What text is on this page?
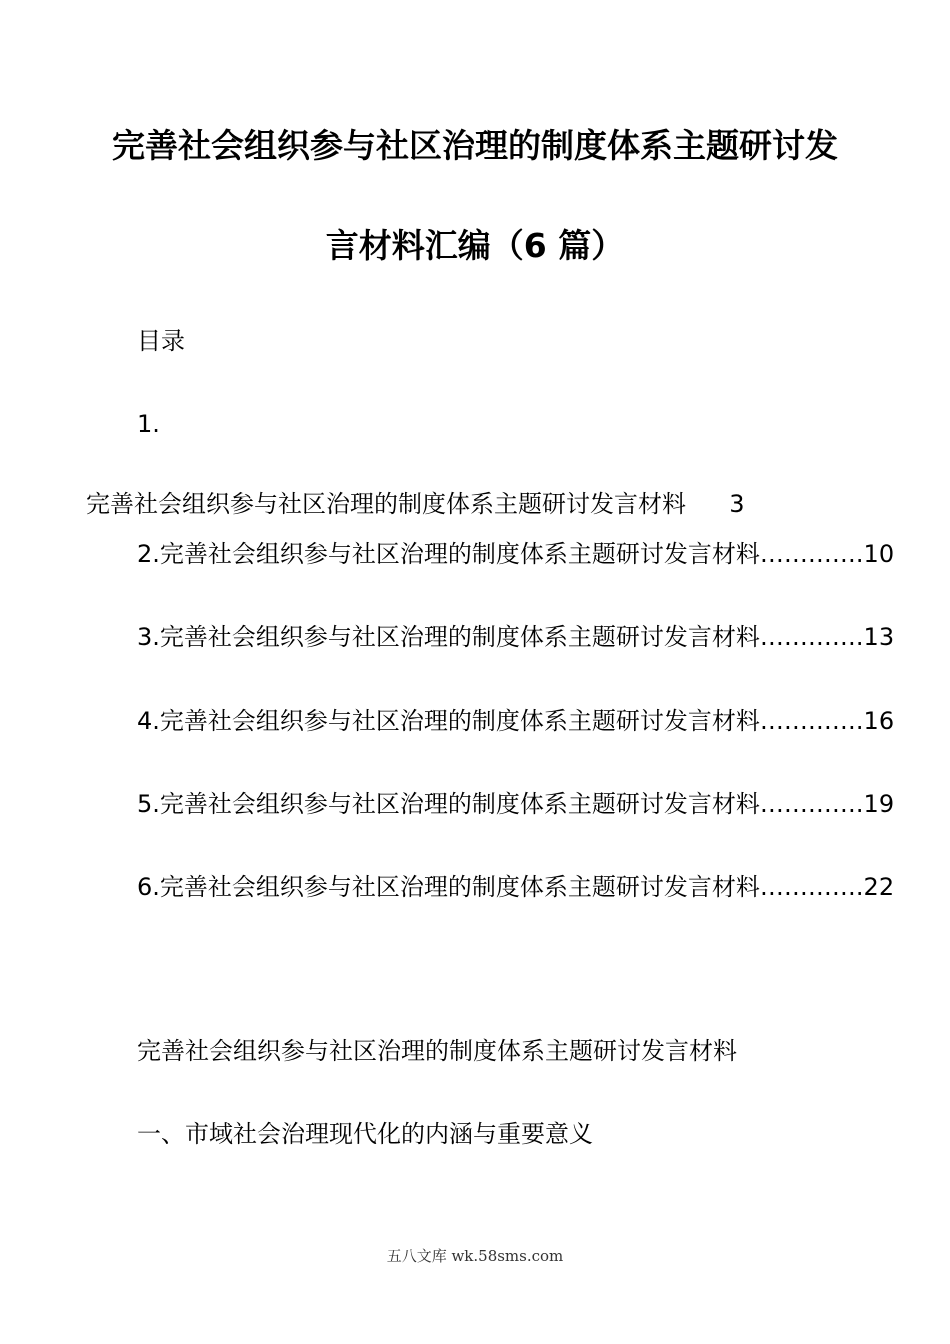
完善社会组织参与社区治理的制度体系主题研讨发
言材料汇编（6 篇）
目录
1.
完善社会组织参与社区治理的制度体系主题研讨发言材料 3
2.完善社会组织参与社区治理的制度体系主题研讨发言材料………….10
3.完善社会组织参与社区治理的制度体系主题研讨发言材料………….13
4.完善社会组织参与社区治理的制度体系主题研讨发言材料………….16
5.完善社会组织参与社区治理的制度体系主题研讨发言材料………….19
6.完善社会组织参与社区治理的制度体系主题研讨发言材料………….22
完善社会组织参与社区治理的制度体系主题研讨发言材料
一、市域社会治理现代化的内涵与重要意义
五八文库 wk.58sms.com
